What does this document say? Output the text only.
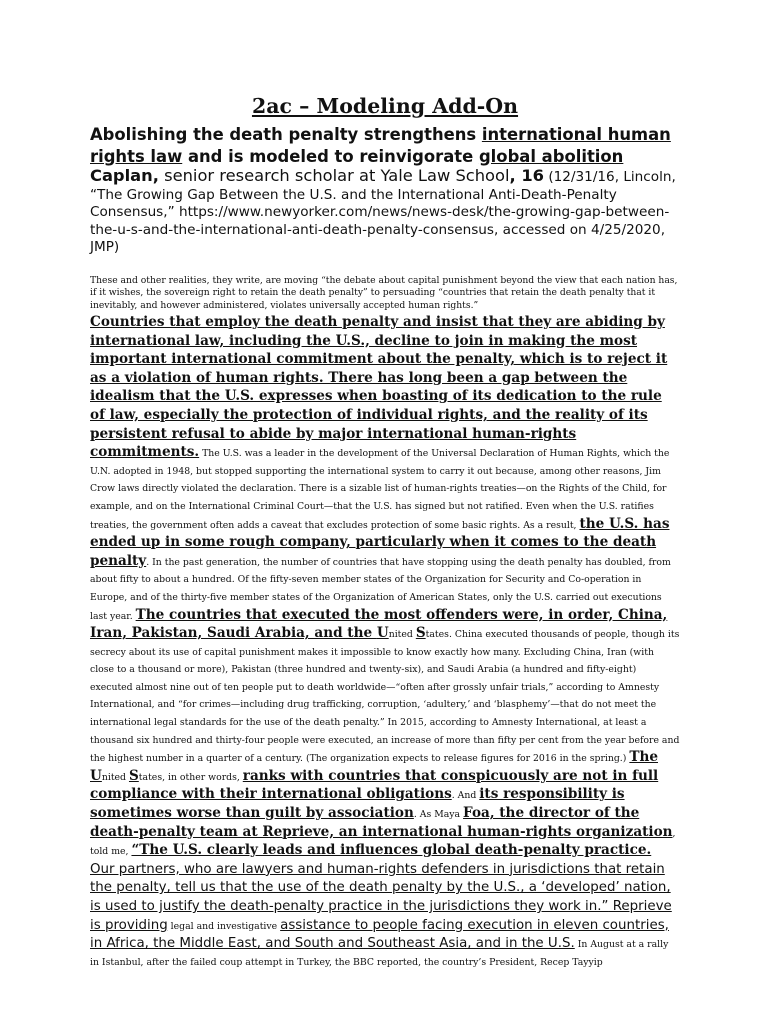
2ac – Modeling Add-On

Abolishing the death penalty strengthens international human rights law and is modeled to reinvigorate global abolition

Caplan, senior research scholar at Yale Law School, 16 (12/31/16, Lincoln, “The Growing Gap Between the U.S. and the International Anti-Death-Penalty Consensus,” https://www.newyorker.com/news/news-desk/the-growing-gap-between-the-u-s-and-the-international-anti-death-penalty-consensus, accessed on 4/25/2020, JMP)

These and other realities, they write, are moving “the debate about capital punishment beyond the view that each nation has, if it wishes, the sovereign right to retain the death penalty” to persuading “countries that retain the death penalty that it inevitably, and however administered, violates universally accepted human rights.”

Countries that employ the death penalty and insist that they are abiding by international law, including the U.S., decline to join in making the most important international commitment about the penalty, which is to reject it as a violation of human rights. There has long been a gap between the idealism that the U.S. expresses when boasting of its dedication to the rule of law, especially the protection of individual rights, and the reality of its persistent refusal to abide by major international human-rights commitments. The U.S. was a leader in the development of the Universal Declaration of Human Rights, which the U.N. adopted in 1948, but stopped supporting the international system to carry it out because, among other reasons, Jim Crow laws directly violated the declaration. There is a sizable list of human-rights treaties—on the Rights of the Child, for example, and on the International Criminal Court—that the U.S. has signed but not ratified. Even when the U.S. ratifies treaties, the government often adds a caveat that excludes protection of some basic rights. As a result, the U.S. has ended up in some rough company, particularly when it comes to the death penalty. In the past generation, the number of countries that have stopping using the death penalty has doubled, from about fifty to about a hundred. Of the fifty-seven member states of the Organization for Security and Co-operation in Europe, and of the thirty-five member states of the Organization of American States, only the U.S. carried out executions last year. The countries that executed the most offenders were, in order, China, Iran, Pakistan, Saudi Arabia, and the United States. China executed thousands of people, though its secrecy about its use of capital punishment makes it impossible to know exactly how many. Excluding China, Iran (with close to a thousand or more), Pakistan (three hundred and twenty-six), and Saudi Arabia (a hundred and fifty-eight) executed almost nine out of ten people put to death worldwide—“often after grossly unfair trials,” according to Amnesty International, and “for crimes—including drug trafficking, corruption, ‘adultery,’ and ‘blasphemy’—that do not meet the international legal standards for the use of the death penalty.” In 2015, according to Amnesty International, at least a thousand six hundred and thirty-four people were executed, an increase of more than fifty per cent from the year before and the highest number in a quarter of a century. (The organization expects to release figures for 2016 in the spring.) The United States, in other words, ranks with countries that conspicuously are not in full compliance with their international obligations. And its responsibility is sometimes worse than guilt by association. As Maya Foa, the director of the death-penalty team at Reprieve, an international human-rights organization, told me, “The U.S. clearly leads and influences global death-penalty practice. Our partners, who are lawyers and human-rights defenders in jurisdictions that retain the penalty, tell us that the use of the death penalty by the U.S., a ‘developed’ nation, is used to justify the death-penalty practice in the jurisdictions they work in.” Reprieve is providing legal and investigative assistance to people facing execution in eleven countries, in Africa, the Middle East, and South and Southeast Asia, and in the U.S. In August at a rally in Istanbul, after the failed coup attempt in Turkey, the BBC reported, the country’s President, Recep Tayyip
